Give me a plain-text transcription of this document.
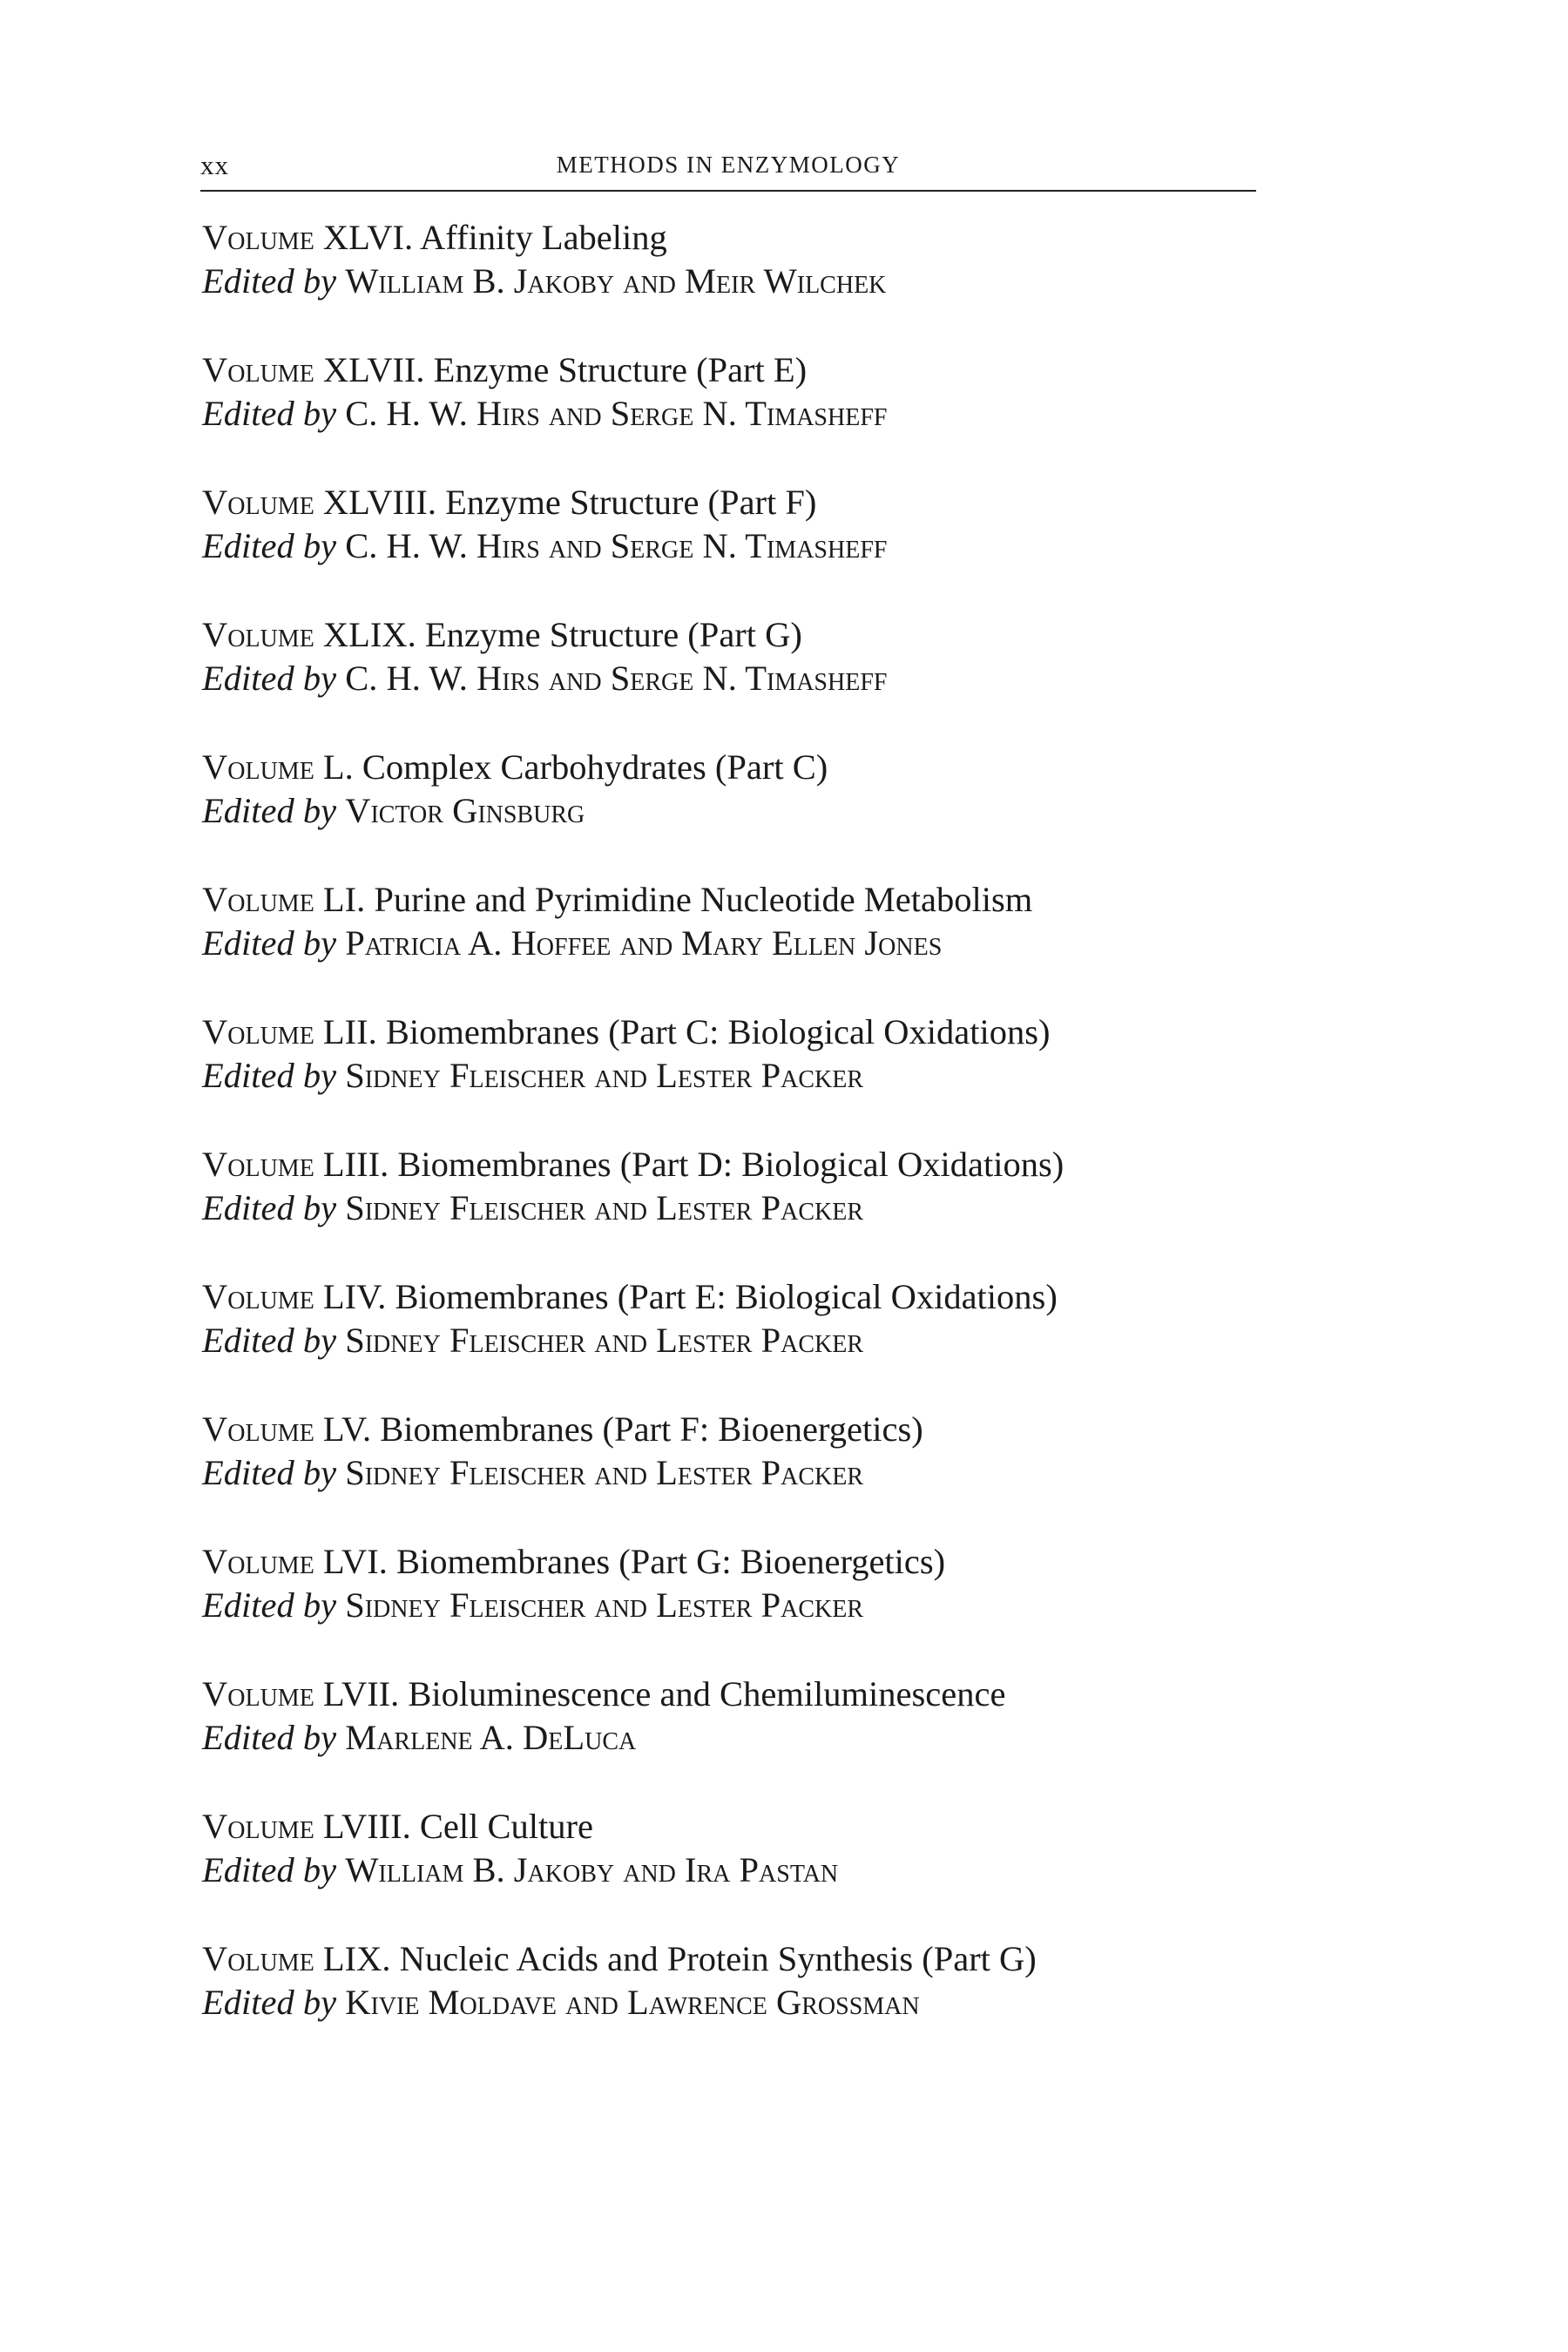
xx	METHODS IN ENZYMOLOGY
Volume XLVI. Affinity Labeling
Edited by William B. Jakoby and Meir Wilchek
Volume XLVII. Enzyme Structure (Part E)
Edited by C. H. W. Hirs and Serge N. Timasheff
Volume XLVIII. Enzyme Structure (Part F)
Edited by C. H. W. Hirs and Serge N. Timasheff
Volume XLIX. Enzyme Structure (Part G)
Edited by C. H. W. Hirs and Serge N. Timasheff
Volume L. Complex Carbohydrates (Part C)
Edited by Victor Ginsburg
Volume LI. Purine and Pyrimidine Nucleotide Metabolism
Edited by Patricia A. Hoffee and Mary Ellen Jones
Volume LII. Biomembranes (Part C: Biological Oxidations)
Edited by Sidney Fleischer and Lester Packer
Volume LIII. Biomembranes (Part D: Biological Oxidations)
Edited by Sidney Fleischer and Lester Packer
Volume LIV. Biomembranes (Part E: Biological Oxidations)
Edited by Sidney Fleischer and Lester Packer
Volume LV. Biomembranes (Part F: Bioenergetics)
Edited by Sidney Fleischer and Lester Packer
Volume LVI. Biomembranes (Part G: Bioenergetics)
Edited by Sidney Fleischer and Lester Packer
Volume LVII. Bioluminescence and Chemiluminescence
Edited by Marlene A. DeLuca
Volume LVIII. Cell Culture
Edited by William B. Jakoby and Ira Pastan
Volume LIX. Nucleic Acids and Protein Synthesis (Part G)
Edited by Kivie Moldave and Lawrence Grossman
